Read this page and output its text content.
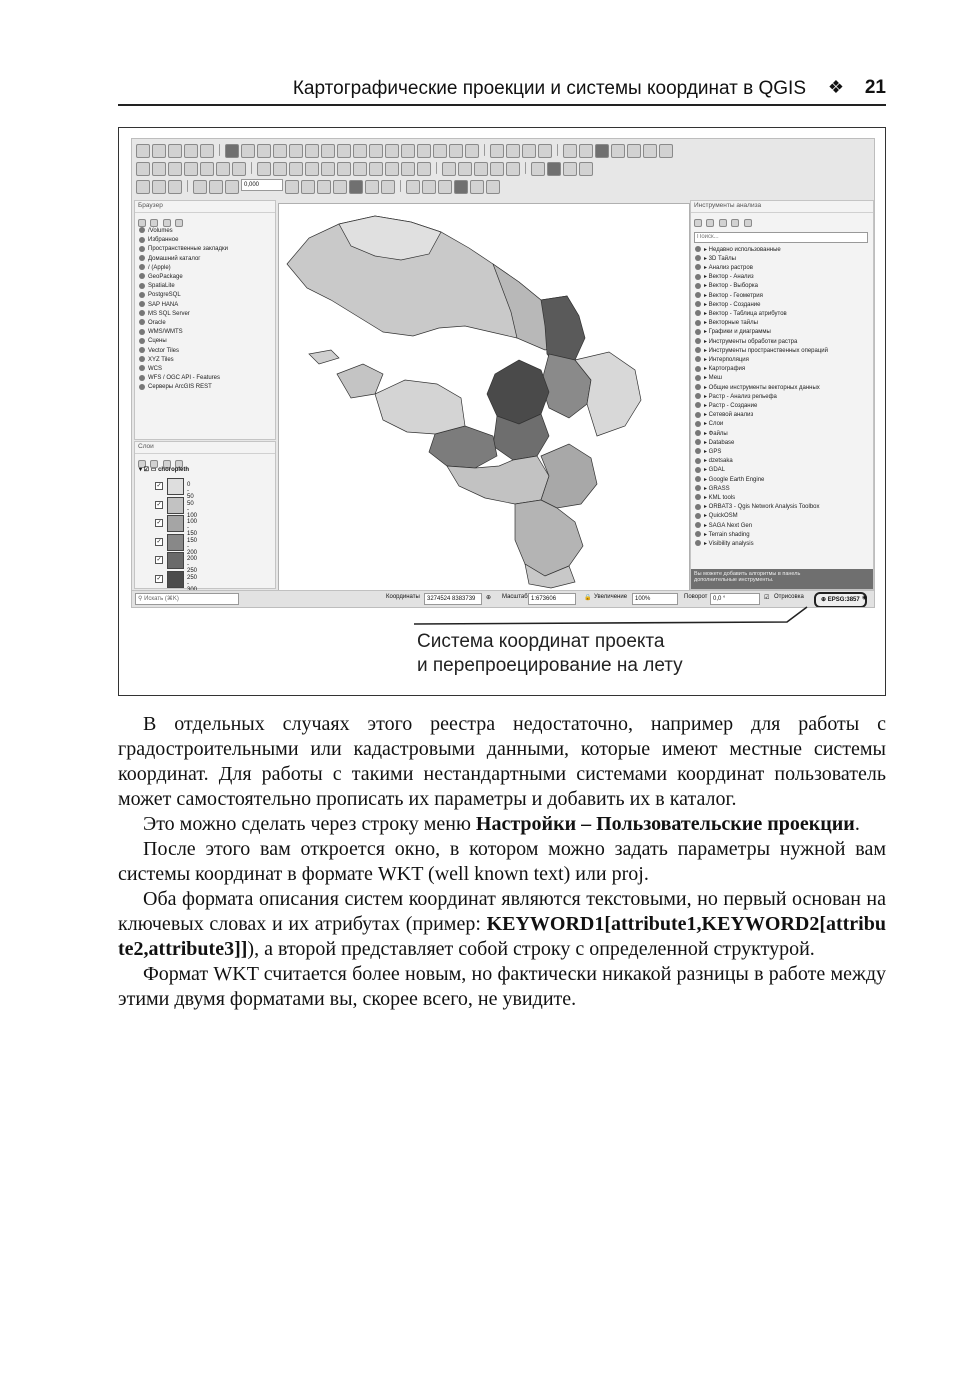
Картографические проекции и системы координат в QGIS ❖ 21
0,000
Браузер

/Volumes
Избранное
Пространственные закладки
Домашний каталог
/ (Apple)
GeoPackage
SpatiaLite
PostgreSQL
SAP HANA
MS SQL Server
Oracle
WMS/WMTS
Сцены
Vector Tiles
XYZ Tiles
WCS
WFS / OGC API - Features
Серверы ArcGIS REST
Слои

▾ ☑ ▭ choropleth
✓	0 - 50
✓	50 - 100
✓	100 - 150
✓	150 - 200
✓	200 - 250
✓	250 -
Инструменты анализа

Поиск...
▸ Недавно использованные
▸ 3D Тайлы
▸ Анализ растров
▸ Вектор - Анализ
▸ Вектор - Выборка
▸ Вектор - Геометрия
▸ Вектор - Создание
▸ Вектор - Таблица атрибутов
▸ Векторные тайлы
▸ Графики и диаграммы
▸ Инструменты обработки растра
▸ Инструменты пространственных операций
▸ Интерполяция
▸ Картография
▸ Меш
▸ Общие инструменты векторных данных
▸ Растр - Анализ рельефа
▸ Растр - Создание
▸ Сетевой анализ
▸ Слои
▸ Файлы
▸ Database
▸ GPS
▸ dzetsaka
▸ GDAL
▸ Google Earth Engine
▸ GRASS
▸ KML tools
▸ ORBAT3 - Qgis Network Analysis Toolbox
▸ QuickOSM
▸ SAGA Next Gen
▸ Terrain shading
▸ Visibility analysis
Вы можете добавить алгоритмы в панель
дополнительные инструменты.
⚲ Искать (⌘K)	Координаты	3274524 8383739	⊕ Масштаб 1:673606	🔒 Увеличение	100%	Поворот 0,0 °	☑ Отрисовка	⊕ EPSG:3857 ◉
Система координат проекта
и перепроецирование на лету

В отдельных случаях этого реестра недостаточно, например для работы с градостроительными или кадастровыми данными, которые имеют местные системы координат. Для работы с такими нестандартными системами координат пользователь может самостоятельно прописать их параметры и добавить их в каталог.

Это можно сделать через строку меню Настройки – Пользовательские проекции.

После этого вам откроется окно, в котором можно задать параметры нужной вам системы координат в формате WKT (well known text) или proj.

Оба формата описания систем координат являются текстовыми, но первый основан на ключевых словах и их атрибутах (пример: KEYWORD1[attribute1,KEYWORD2[attribute2,attribute3]]), а второй представляет собой строку с определенной структурой.

Формат WKT считается более новым, но фактически никакой разницы в работе между этими двумя форматами вы, скорее всего, не увидите.
